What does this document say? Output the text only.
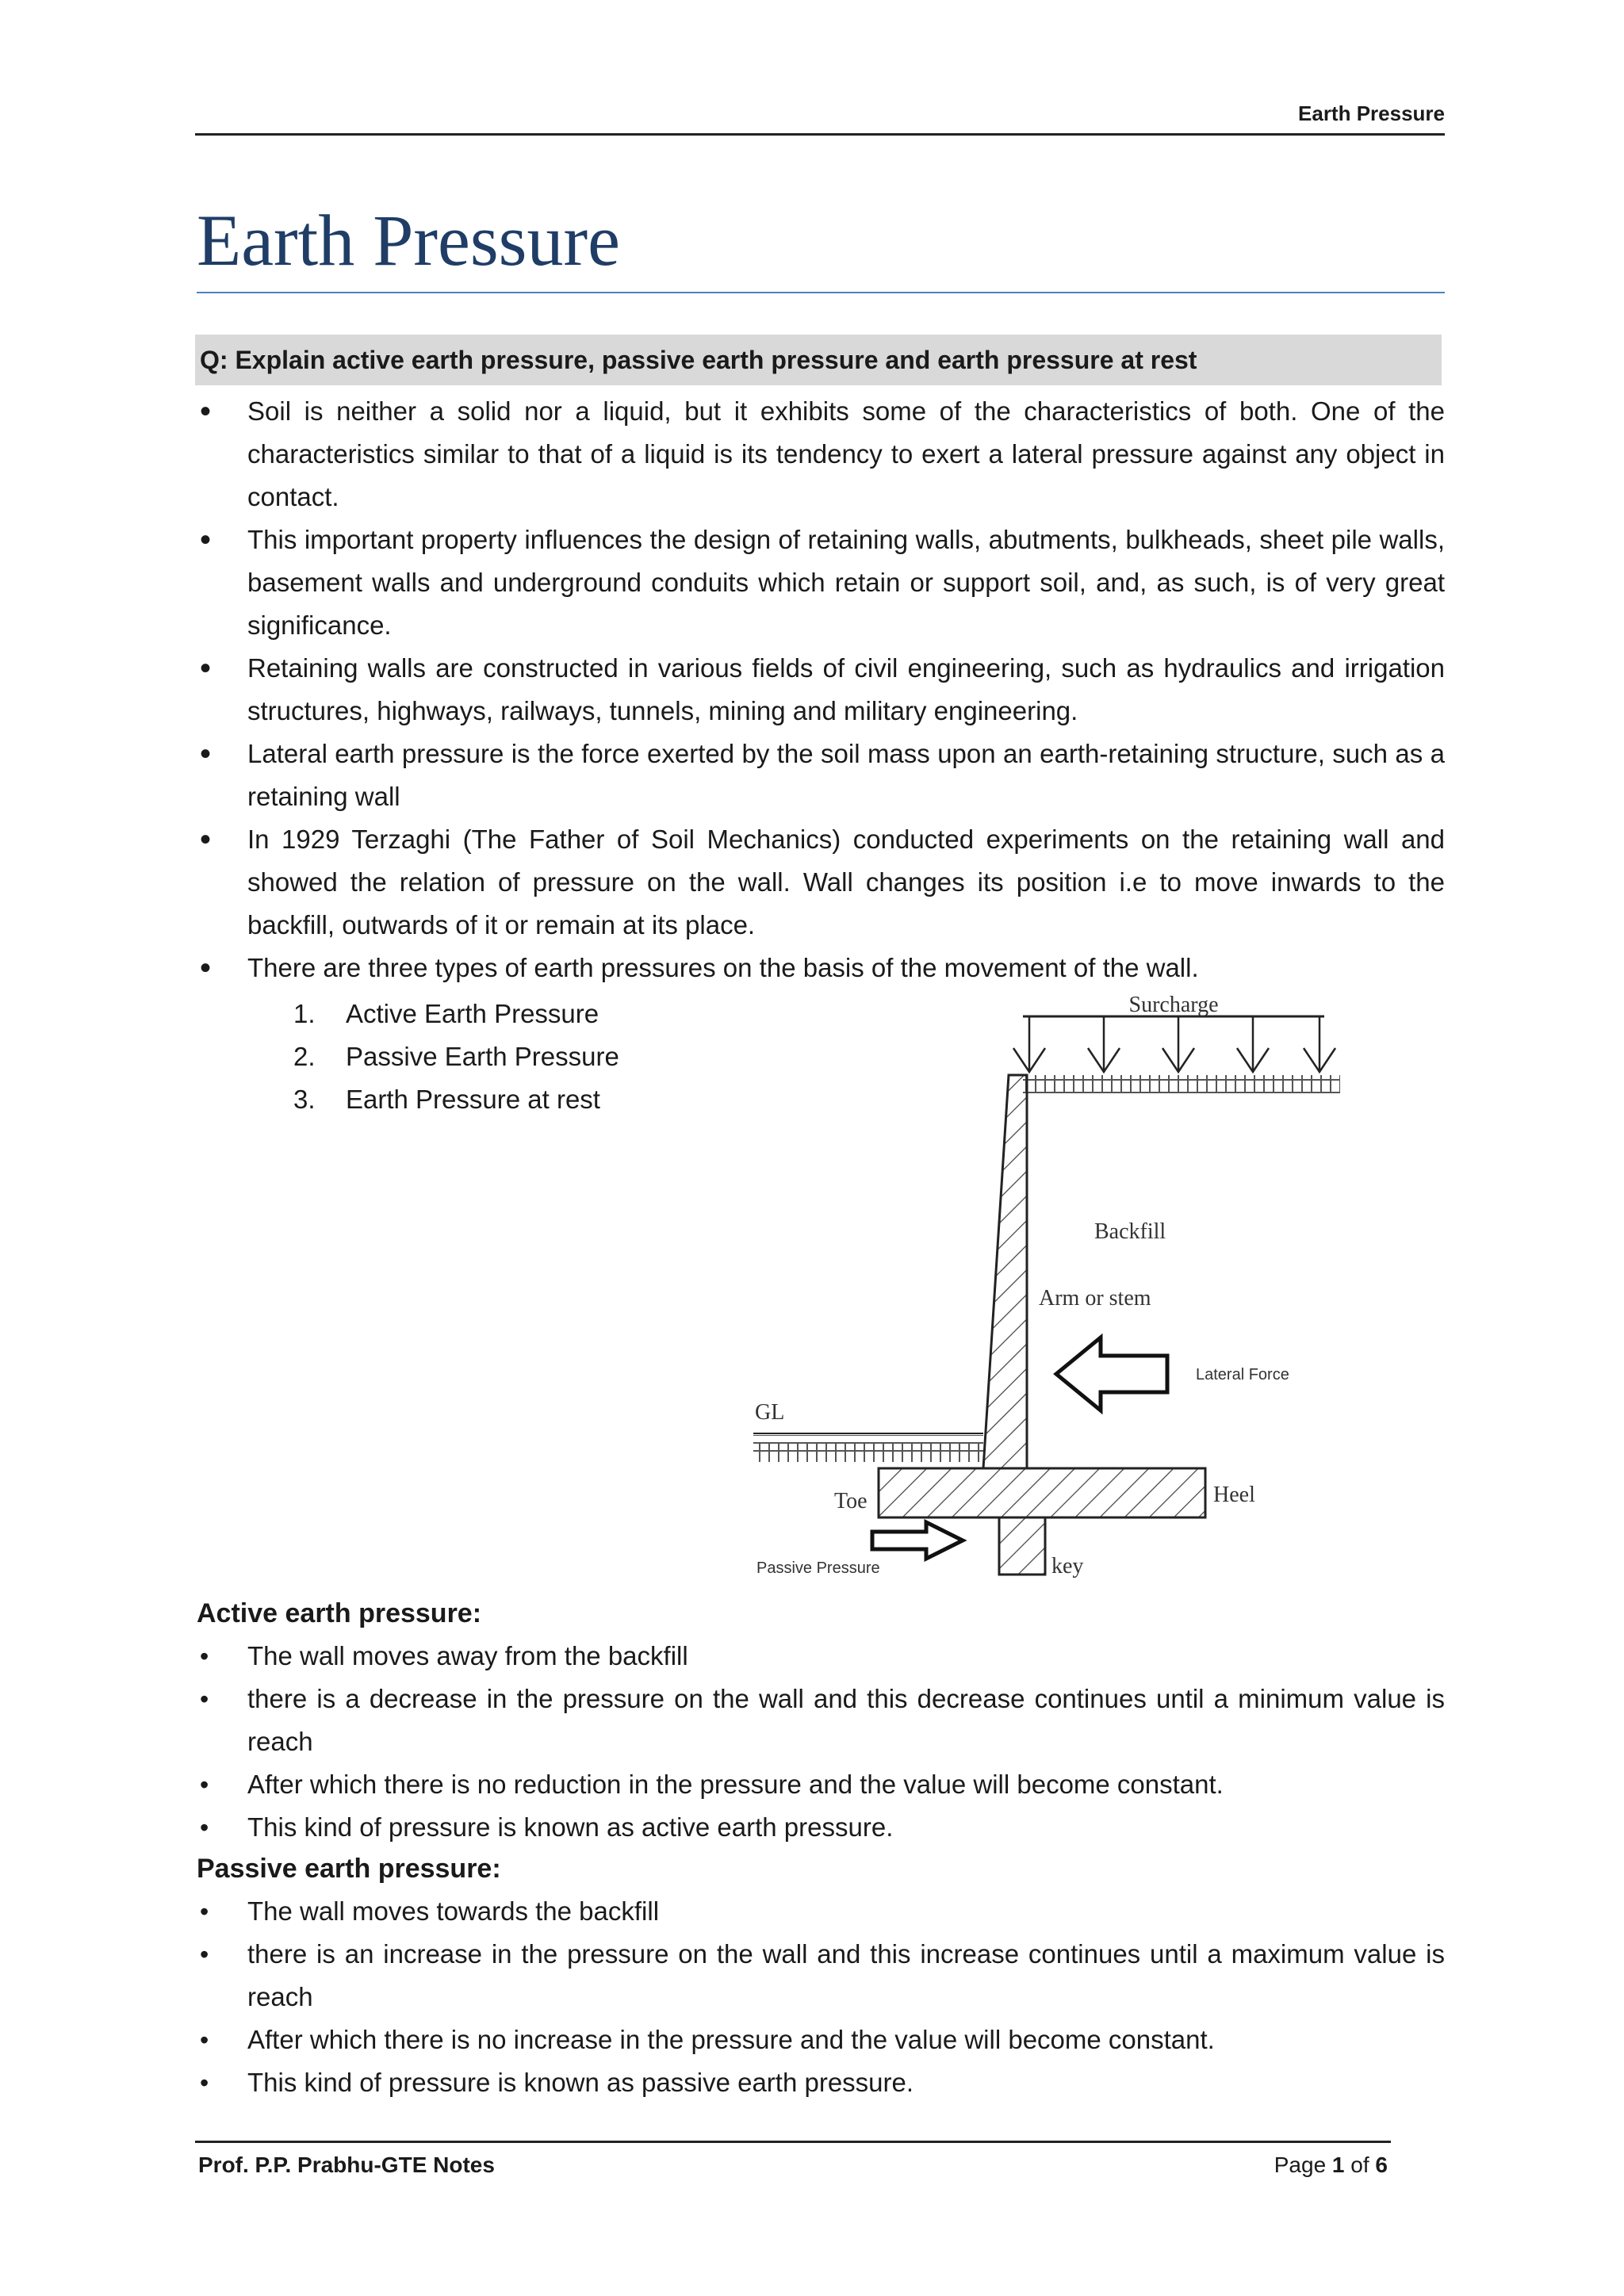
Earth Pressure
Earth Pressure
Q: Explain active earth pressure, passive earth pressure and earth pressure at rest
• Soil is neither a solid nor a liquid, but it exhibits some of the characteristics of both. One of the characteristics similar to that of a liquid is its tendency to exert a lateral pressure against any object in contact.
• This important property influences the design of retaining walls, abutments, bulkheads, sheet pile walls, basement walls and underground conduits which retain or support soil, and, as such, is of very great significance.
• Retaining walls are constructed in various fields of civil engineering, such as hydraulics and irrigation structures, highways, railways, tunnels, mining and military engineering.
• Lateral earth pressure is the force exerted by the soil mass upon an earth-retaining structure, such as a retaining wall
• In 1929 Terzaghi (The Father of Soil Mechanics) conducted experiments on the retaining wall and showed the relation of pressure on the wall. Wall changes its position i.e to move inwards to the backfill, outwards of it or remain at its place.
• There are three types of earth pressures on the basis of the movement of the wall.
1. Active Earth Pressure
2. Passive Earth Pressure
3. Earth Pressure at rest
Surcharge
Backfill
Arm or stem
Lateral Force
GL
Toe	Heel
Passive Pressure	key
Active earth pressure:
• The wall moves away from the backfill
• there is a decrease in the pressure on the wall and this decrease continues until a minimum value is reach
• After which there is no reduction in the pressure and the value will become constant.
• This kind of pressure is known as active earth pressure.
Passive earth pressure:
• The wall moves towards the backfill
• there is an increase in the pressure on the wall and this increase continues until a maximum value is reach
• After which there is no increase in the pressure and the value will become constant.
• This kind of pressure is known as passive earth pressure.
Prof. P.P. Prabhu-GTE Notes	Page 1 of 6
